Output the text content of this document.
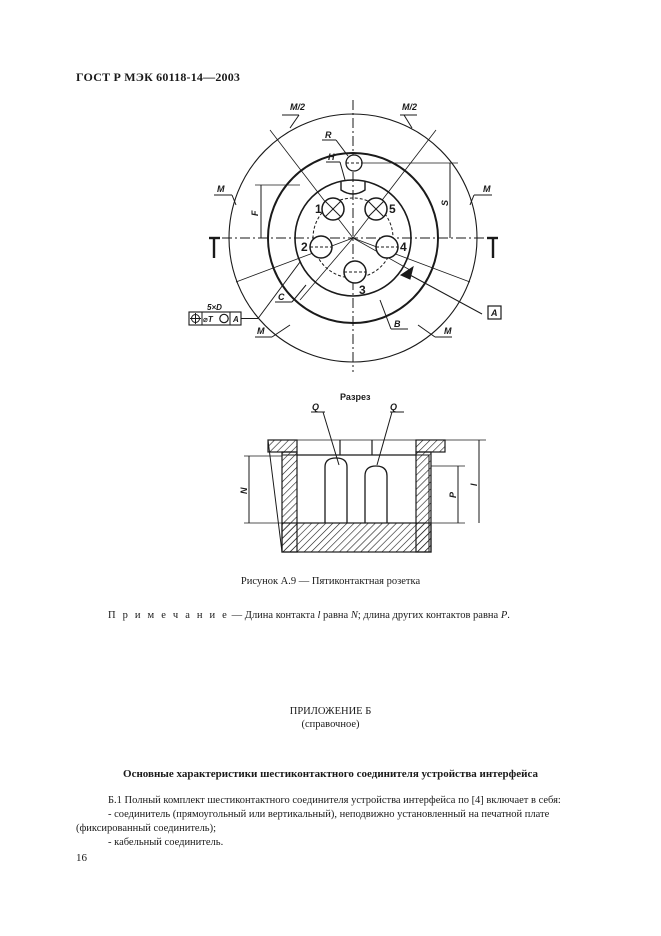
ГОСТ Р МЭК 60118-14—2003
M/2	M/2
M	M
M	M
R
H
F
S
C
B
A
1
2
3
4
5
5×D
⌀T	A
Разрез
Q	Q
N
P
l
Рисунок А.9 — Пятиконтактная розетка
П р и м е ч а н и е — Длина контакта l равна N; длина других контактов равна P.
ПРИЛОЖЕНИЕ Б
(справочное)
Основные характеристики шестиконтактного соединителя устройства интерфейса

Б.1 Полный комплект шестиконтактного соединителя устройства интерфейса по [4] включает в себя:

- соединитель (прямоугольный или вертикальный), неподвижно установленный на печатной плате (фиксированный соединитель);

- кабельный соединитель.

16
